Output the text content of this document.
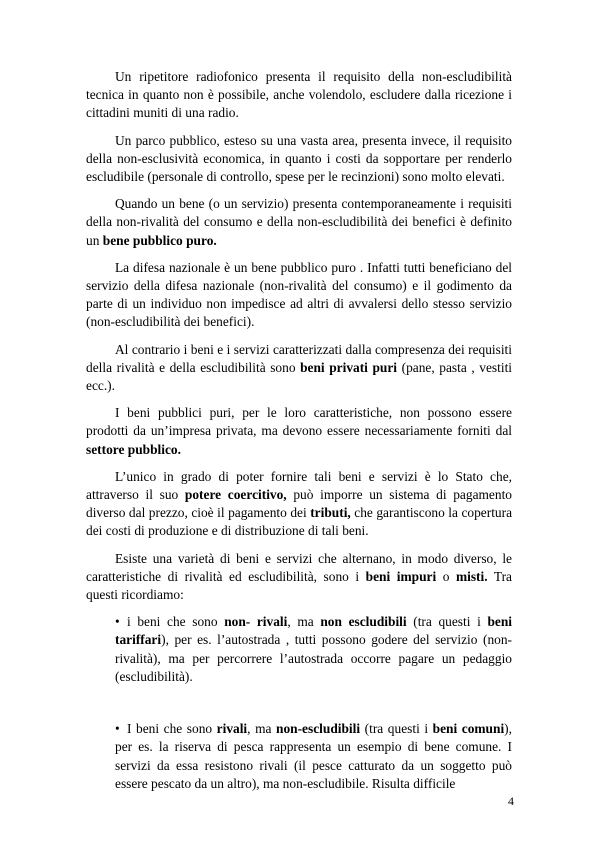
Un ripetitore radiofonico presenta il requisito della non-escludibilità tecnica in quanto non è possibile, anche volendolo, escludere dalla ricezione i cittadini muniti di una radio.

Un parco pubblico, esteso su una vasta area, presenta invece, il requisito della non-esclusività economica, in quanto i costi da sopportare per renderlo escludibile (personale di controllo, spese per le recinzioni) sono molto elevati.

Quando un bene (o un servizio) presenta contemporaneamente i requisiti della non-rivalità del consumo e della non-escludibilità dei benefici è definito un bene pubblico puro.

La difesa nazionale è un bene pubblico puro . Infatti tutti beneficiano del servizio della difesa nazionale (non-rivalità del consumo) e il godimento da parte di un individuo non impedisce ad altri di avvalersi dello stesso servizio (non-escludibilità dei benefici).

Al contrario i beni e i servizi caratterizzati dalla compresenza dei requisiti della rivalità e della escludibilità sono beni privati puri (pane, pasta , vestiti ecc.).

I beni pubblici puri, per le loro caratteristiche, non possono essere prodotti da un’impresa privata, ma devono essere necessariamente forniti dal settore pubblico.

L’unico in grado di poter fornire tali beni e servizi è lo Stato che, attraverso il suo potere coercitivo, può imporre un sistema di pagamento diverso dal prezzo, cioè il pagamento dei tributi, che garantiscono la copertura dei costi di produzione e di distribuzione di tali beni.

Esiste una varietà di beni e servizi che alternano, in modo diverso, le caratteristiche di rivalità ed escludibilità, sono i beni impuri o misti. Tra questi ricordiamo:

• i beni che sono non- rivali, ma non escludibili (tra questi i beni tariffari), per es. l’autostrada , tutti possono godere del servizio (non-rivalità), ma per percorrere l’autostrada occorre pagare un pedaggio (escludibilità).

• I beni che sono rivali, ma non-escludibili (tra questi i beni comuni), per es. la riserva di pesca rappresenta un esempio di bene comune. I servizi da essa resistono rivali (il pesce catturato da un soggetto può essere pescato da un altro), ma non-escludibile. Risulta difficile

4
